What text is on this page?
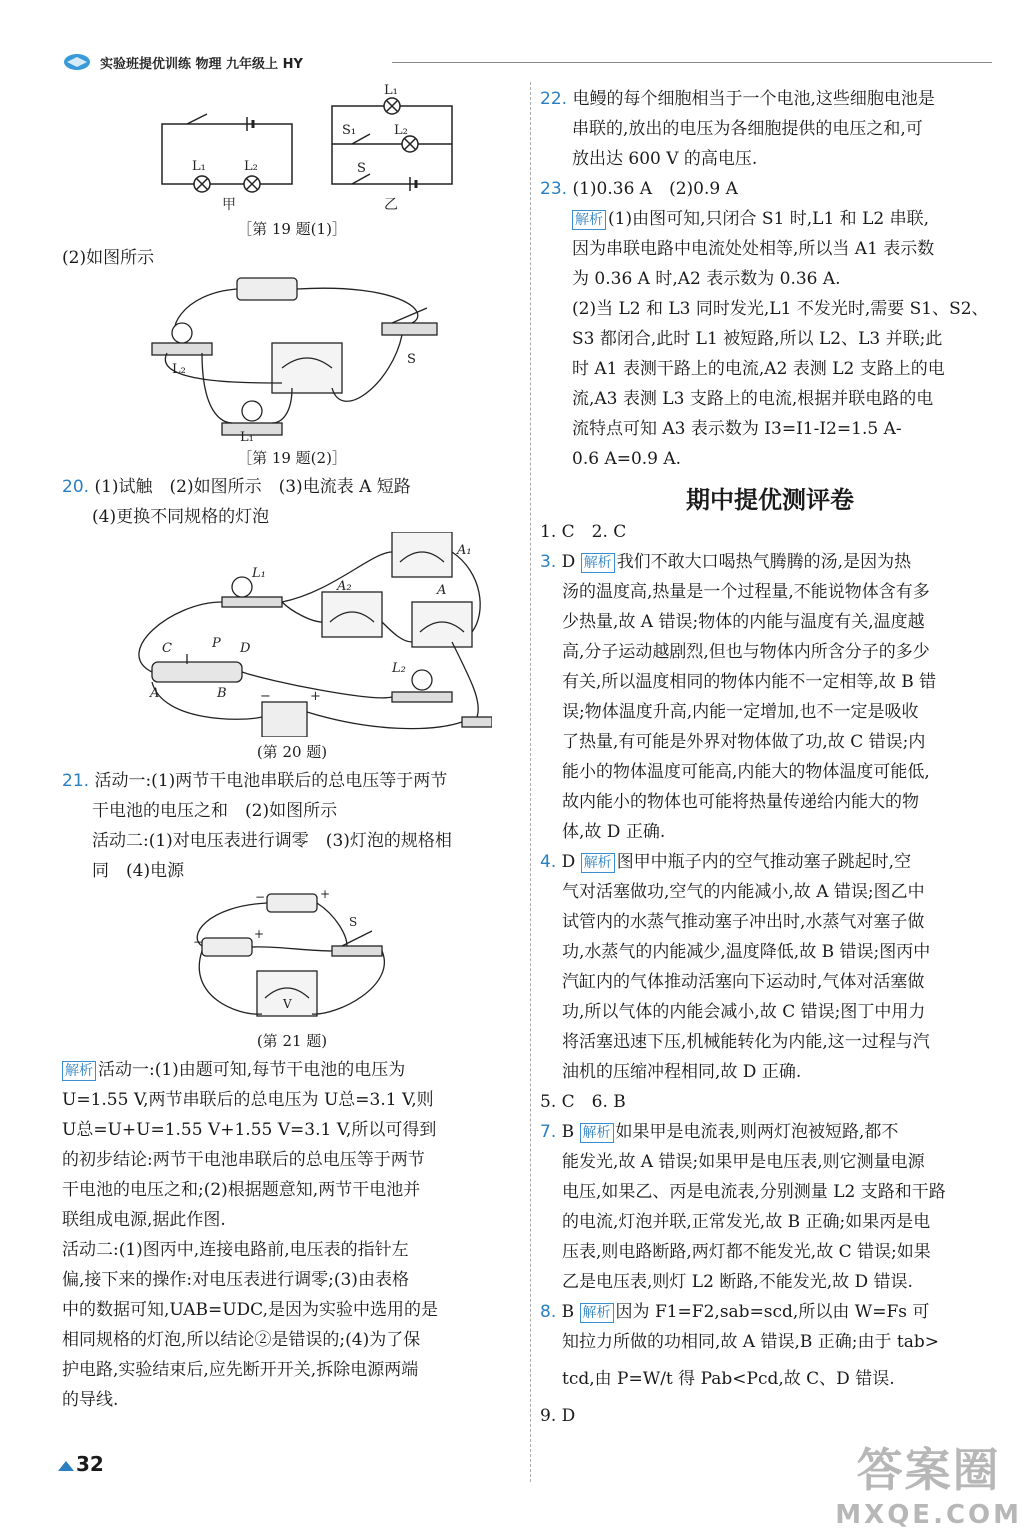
实验班提优训练 物理 九年级上 HY
L₁	L₂
L₁
S₁	L₂
S
甲	乙
［第 19 题(1)］

(2)如图所示

L₂
S
L₁
［第 19 题(2)］

20. (1)试触　(2)如图所示　(3)电流表 A 短路

(4)更换不同规格的灯泡

A₁
A₂	A
L₁
L₂
C	P D
A	B	−	+
(第 20 题)

21. 活动一:(1)两节干电池串联后的总电压等于两节

干电池的电压之和　(2)如图所示

活动二:(1)对电压表进行调零　(3)灯泡的规格相

同　(4)电源

−	+
−
+
S
V
(第 21 题)

解析 活动一:(1)由题可知,每节干电池的电压为

U=1.55 V,两节串联后的总电压为 U总=3.1 V,则

U总=U+U=1.55 V+1.55 V=3.1 V,所以可得到

的初步结论:两节干电池串联后的总电压等于两节

干电池的电压之和;(2)根据题意知,两节干电池并

联组成电源,据此作图.

活动二:(1)图丙中,连接电路前,电压表的指针左

偏,接下来的操作:对电压表进行调零;(3)由表格

中的数据可知,UAB=UDC,是因为实验中选用的是

相同规格的灯泡,所以结论②是错误的;(4)为了保

护电路,实验结束后,应先断开开关,拆除电源两端

的导线.

22. 电鳗的每个细胞相当于一个电池,这些细胞电池是

串联的,放出的电压为各细胞提供的电压之和,可

放出达 600 V 的高电压.

23. (1)0.36 A　(2)0.9 A

解析 (1)由图可知,只闭合 S1 时,L1 和 L2 串联,

因为串联电路中电流处处相等,所以当 A1 表示数

为 0.36 A 时,A2 表示数为 0.36 A.

(2)当 L2 和 L3 同时发光,L1 不发光时,需要 S1、S2、

S3 都闭合,此时 L1 被短路,所以 L2、L3 并联;此

时 A1 表测干路上的电流,A2 表测 L2 支路上的电

流,A3 表测 L3 支路上的电流,根据并联电路的电

流特点可知 A3 表示数为 I3=I1-I2=1.5 A-

0.6 A=0.9 A.

期中提优测评卷

1. C　2. C

3. D 解析 我们不敢大口喝热气腾腾的汤,是因为热

汤的温度高,热量是一个过程量,不能说物体含有多

少热量,故 A 错误;物体的内能与温度有关,温度越

高,分子运动越剧烈,但也与物体内所含分子的多少

有关,所以温度相同的物体内能不一定相等,故 B 错

误;物体温度升高,内能一定增加,也不一定是吸收

了热量,有可能是外界对物体做了功,故 C 错误;内

能小的物体温度可能高,内能大的物体温度可能低,

故内能小的物体也可能将热量传递给内能大的物

体,故 D 正确.

4. D 解析 图甲中瓶子内的空气推动塞子跳起时,空

气对活塞做功,空气的内能减小,故 A 错误;图乙中

试管内的水蒸气推动塞子冲出时,水蒸气对塞子做

功,水蒸气的内能减少,温度降低,故 B 错误;图丙中

汽缸内的气体推动活塞向下运动时,气体对活塞做

功,所以气体的内能会减小,故 C 错误;图丁中用力

将活塞迅速下压,机械能转化为内能,这一过程与汽

油机的压缩冲程相同,故 D 正确.

5. C　6. B

7. B 解析 如果甲是电流表,则两灯泡被短路,都不

能发光,故 A 错误;如果甲是电压表,则它测量电源

电压,如果乙、丙是电流表,分别测量 L2 支路和干路

的电流,灯泡并联,正常发光,故 B 正确;如果丙是电

压表,则电路断路,两灯都不能发光,故 C 错误;如果

乙是电压表,则灯 L2 断路,不能发光,故 D 错误.

8. B 解析 因为 F1=F2,sab=scd,所以由 W=Fs 可

知拉力所做的功相同,故 A 错误,B 正确;由于 tab>

tcd,由 P=W/t 得 Pab<Pcd,故 C、D 错误.

9. D

32	答案圈
MXQE.COM
